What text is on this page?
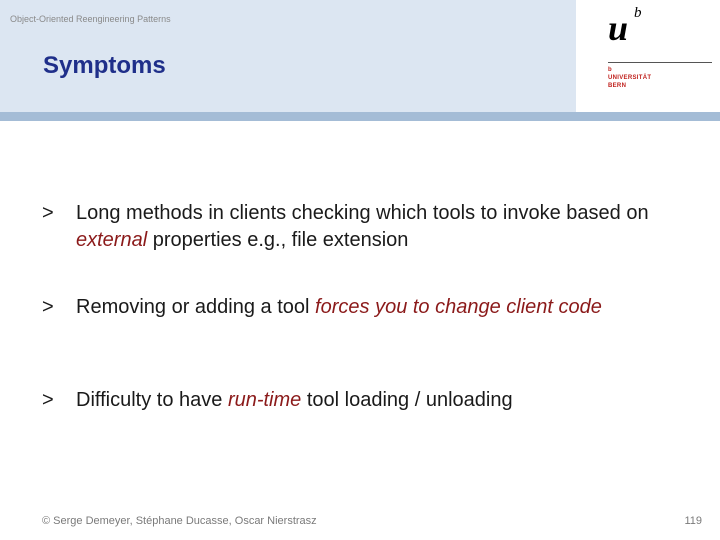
Object-Oriented Reengineering Patterns
Symptoms
u b
b
UNIVERSITÄT
BERN
>	Long methods in clients checking which tools to invoke based on external properties e.g., file extension
>	Removing or adding a tool forces you to change client code
>	Difficulty to have run-time tool loading / unloading
© Serge Demeyer, Stéphane Ducasse, Oscar Nierstrasz	119
